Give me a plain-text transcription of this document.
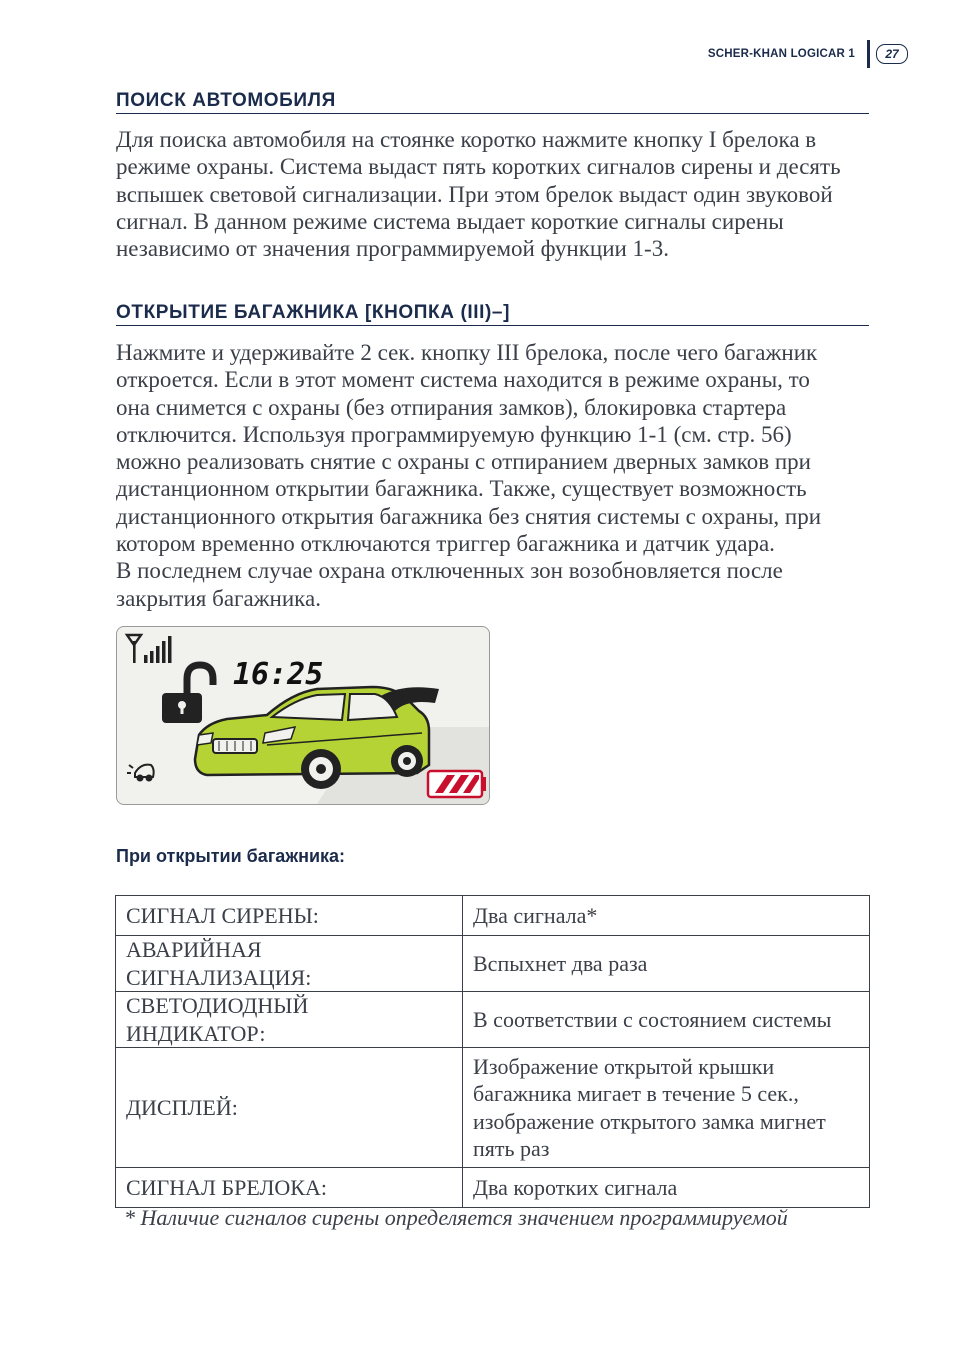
SCHER-KHAN LOGICAR 1	27
ПОИСК АВТОМОБИЛЯ
Для поиска автомобиля на стоянке коротко нажмите кнопку I брелока в
режиме охраны. Система выдаст пять коротких сигналов сирены и десять
вспышек световой сигнализации. При этом брелок выдаст один звуковой
сигнал. В данном режиме система выдает короткие сигналы сирены
независимо от значения программируемой функции 1-3.
ОТКРЫТИЕ БАГАЖНИКА [КНОПКА (III)–]
Нажмите и удерживайте 2 сек. кнопку III брелока, после чего багажник
откроется. Если в этот момент система находится в режиме охраны, то
она снимется с охраны (без отпирания замков), блокировка стартера
отключится. Используя программируемую функцию 1-1 (см. стр. 56)
можно реализовать снятие с охраны с отпиранием дверных замков при
дистанционном открытии багажника. Также, существует возможность
дистанционного открытия багажника без снятия системы с охраны, при
котором временно отключаются триггер багажника и датчик удара.
В последнем случае охрана отключенных зон возобновляется после
закрытия багажника.
16:25
При открытии багажника:
СИГНАЛ СИРЕНЫ:	Два сигнала*
АВАРИЙНАЯ СИГНАЛИЗАЦИЯ:	Вспыхнет два раза
СВЕТОДИОДНЫЙ ИНДИКАТОР:	В соответствии с состоянием системы
ДИСПЛЕЙ:	Изображение открытой крышки
багажника мигает в течение 5 сек.,
изображение открытого замка мигнет
пять раз

СИГНАЛ БРЕЛОКА:	Два коротких сигнала
* Наличие сигналов сирены определяется значением программируемой
